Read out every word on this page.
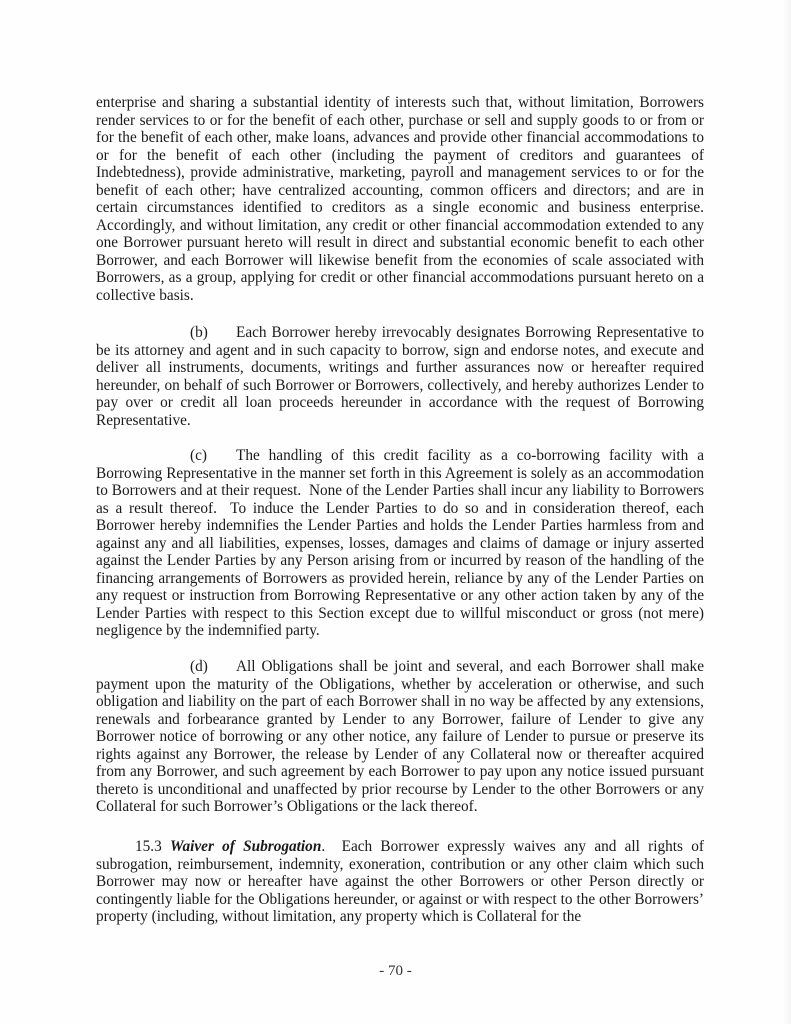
enterprise and sharing a substantial identity of interests such that, without limitation, Borrowers render services to or for the benefit of each other, purchase or sell and supply goods to or from or for the benefit of each other, make loans, advances and provide other financial accommodations to or for the benefit of each other (including the payment of creditors and guarantees of Indebtedness), provide administrative, marketing, payroll and management services to or for the benefit of each other; have centralized accounting, common officers and directors; and are in certain circumstances identified to creditors as a single economic and business enterprise. Accordingly, and without limitation, any credit or other financial accommodation extended to any one Borrower pursuant hereto will result in direct and substantial economic benefit to each other Borrower, and each Borrower will likewise benefit from the economies of scale associated with Borrowers, as a group, applying for credit or other financial accommodations pursuant hereto on a collective basis.

(b) Each Borrower hereby irrevocably designates Borrowing Representative to be its attorney and agent and in such capacity to borrow, sign and endorse notes, and execute and deliver all instruments, documents, writings and further assurances now or hereafter required hereunder, on behalf of such Borrower or Borrowers, collectively, and hereby authorizes Lender to pay over or credit all loan proceeds hereunder in accordance with the request of Borrowing Representative.

(c) The handling of this credit facility as a co-borrowing facility with a Borrowing Representative in the manner set forth in this Agreement is solely as an accommodation to Borrowers and at their request.  None of the Lender Parties shall incur any liability to Borrowers as a result thereof.  To induce the Lender Parties to do so and in consideration thereof, each Borrower hereby indemnifies the Lender Parties and holds the Lender Parties harmless from and against any and all liabilities, expenses, losses, damages and claims of damage or injury asserted against the Lender Parties by any Person arising from or incurred by reason of the handling of the financing arrangements of Borrowers as provided herein, reliance by any of the Lender Parties on any request or instruction from Borrowing Representative or any other action taken by any of the Lender Parties with respect to this Section except due to willful misconduct or gross (not mere) negligence by the indemnified party.

(d) All Obligations shall be joint and several, and each Borrower shall make payment upon the maturity of the Obligations, whether by acceleration or otherwise, and such obligation and liability on the part of each Borrower shall in no way be affected by any extensions, renewals and forbearance granted by Lender to any Borrower, failure of Lender to give any Borrower notice of borrowing or any other notice, any failure of Lender to pursue or preserve its rights against any Borrower, the release by Lender of any Collateral now or thereafter acquired from any Borrower, and such agreement by each Borrower to pay upon any notice issued pursuant thereto is unconditional and unaffected by prior recourse by Lender to the other Borrowers or any Collateral for such Borrower’s Obligations or the lack thereof.

15.3 Waiver of Subrogation. Each Borrower expressly waives any and all rights of subrogation, reimbursement, indemnity, exoneration, contribution or any other claim which such Borrower may now or hereafter have against the other Borrowers or other Person directly or contingently liable for the Obligations hereunder, or against or with respect to the other Borrowers’ property (including, without limitation, any property which is Collateral for the

- 70 -
